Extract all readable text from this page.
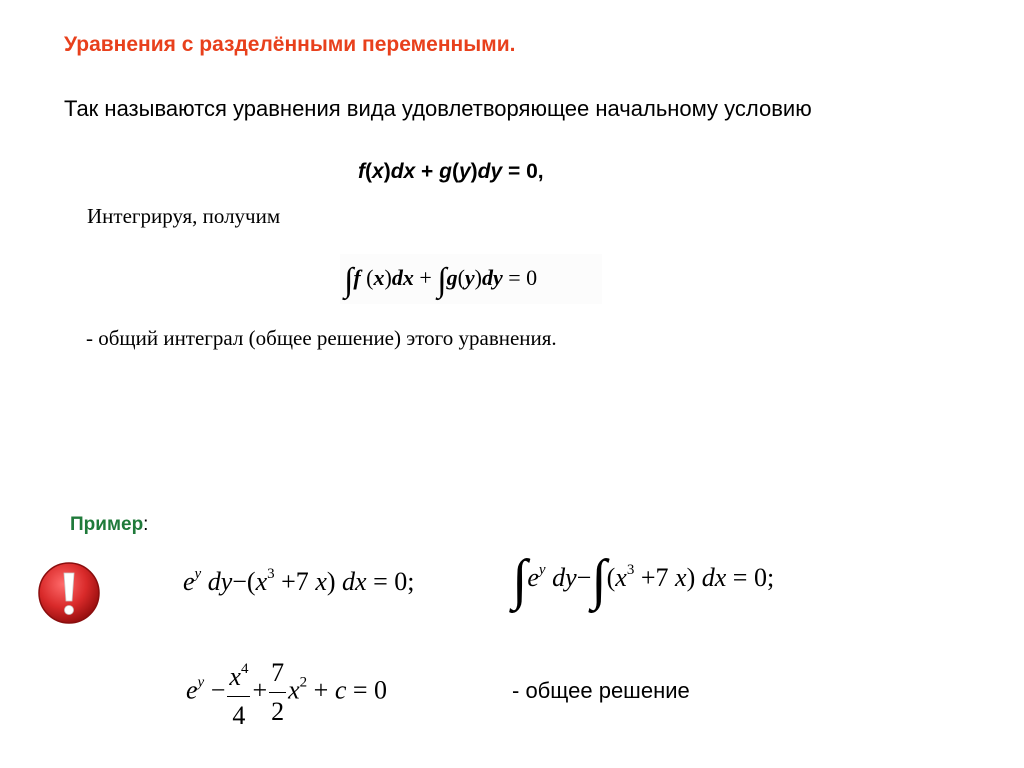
Уравнения с разделёнными переменными.
Так называются уравнения вида удовлетворяющее начальному условию
f(x)dx + g(y)dy = 0,
Интегрируя, получим
∫f (x)dx + ∫g(y)dy = 0
- общий интеграл (общее решение) этого уравнения.
Пример:
$e^y$ $dy-(x^3 +7$ x) dx = 0; $\int e^y$ $dy-\int(x^3 +7$ x) dx = 0;
$e^y - \frac{x^4}{4} + \frac{7}{2} x^2 + c = 0$	- общее решение
